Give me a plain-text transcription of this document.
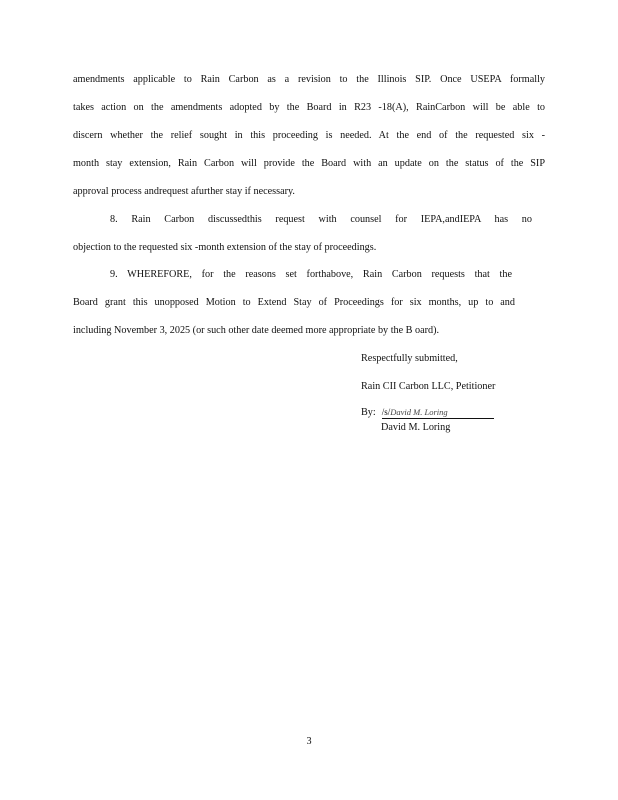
amendments applicable to Rain Carbon as a revision to the Illinois SIP. Once USEPA formally
takes action on the amendments adopted by the Board in R23 -18(A), RainCarbon will be able to
discern whether the relief sought in this proceeding is needed. At the end of the requested six -
month stay extension, Rain Carbon will provide the Board with an update on the status of the SIP
approval process andrequest afurther stay if necessary.
8. Rain Carbon discussedthis request with counsel for IEPA,andIEPA has no
objection to the requested six -month extension of the stay of proceedings.
9. WHEREFORE, for the reasons set forthabove, Rain Carbon requests that the
Board grant this unopposed Motion to Extend Stay of Proceedings for six months, up to and
including November 3, 2025 (or such other date deemed more appropriate by the B oard).
Respectfully submitted,
Rain CII Carbon LLC, Petitioner
By: /s/David M. Loring
David M. Loring
3
